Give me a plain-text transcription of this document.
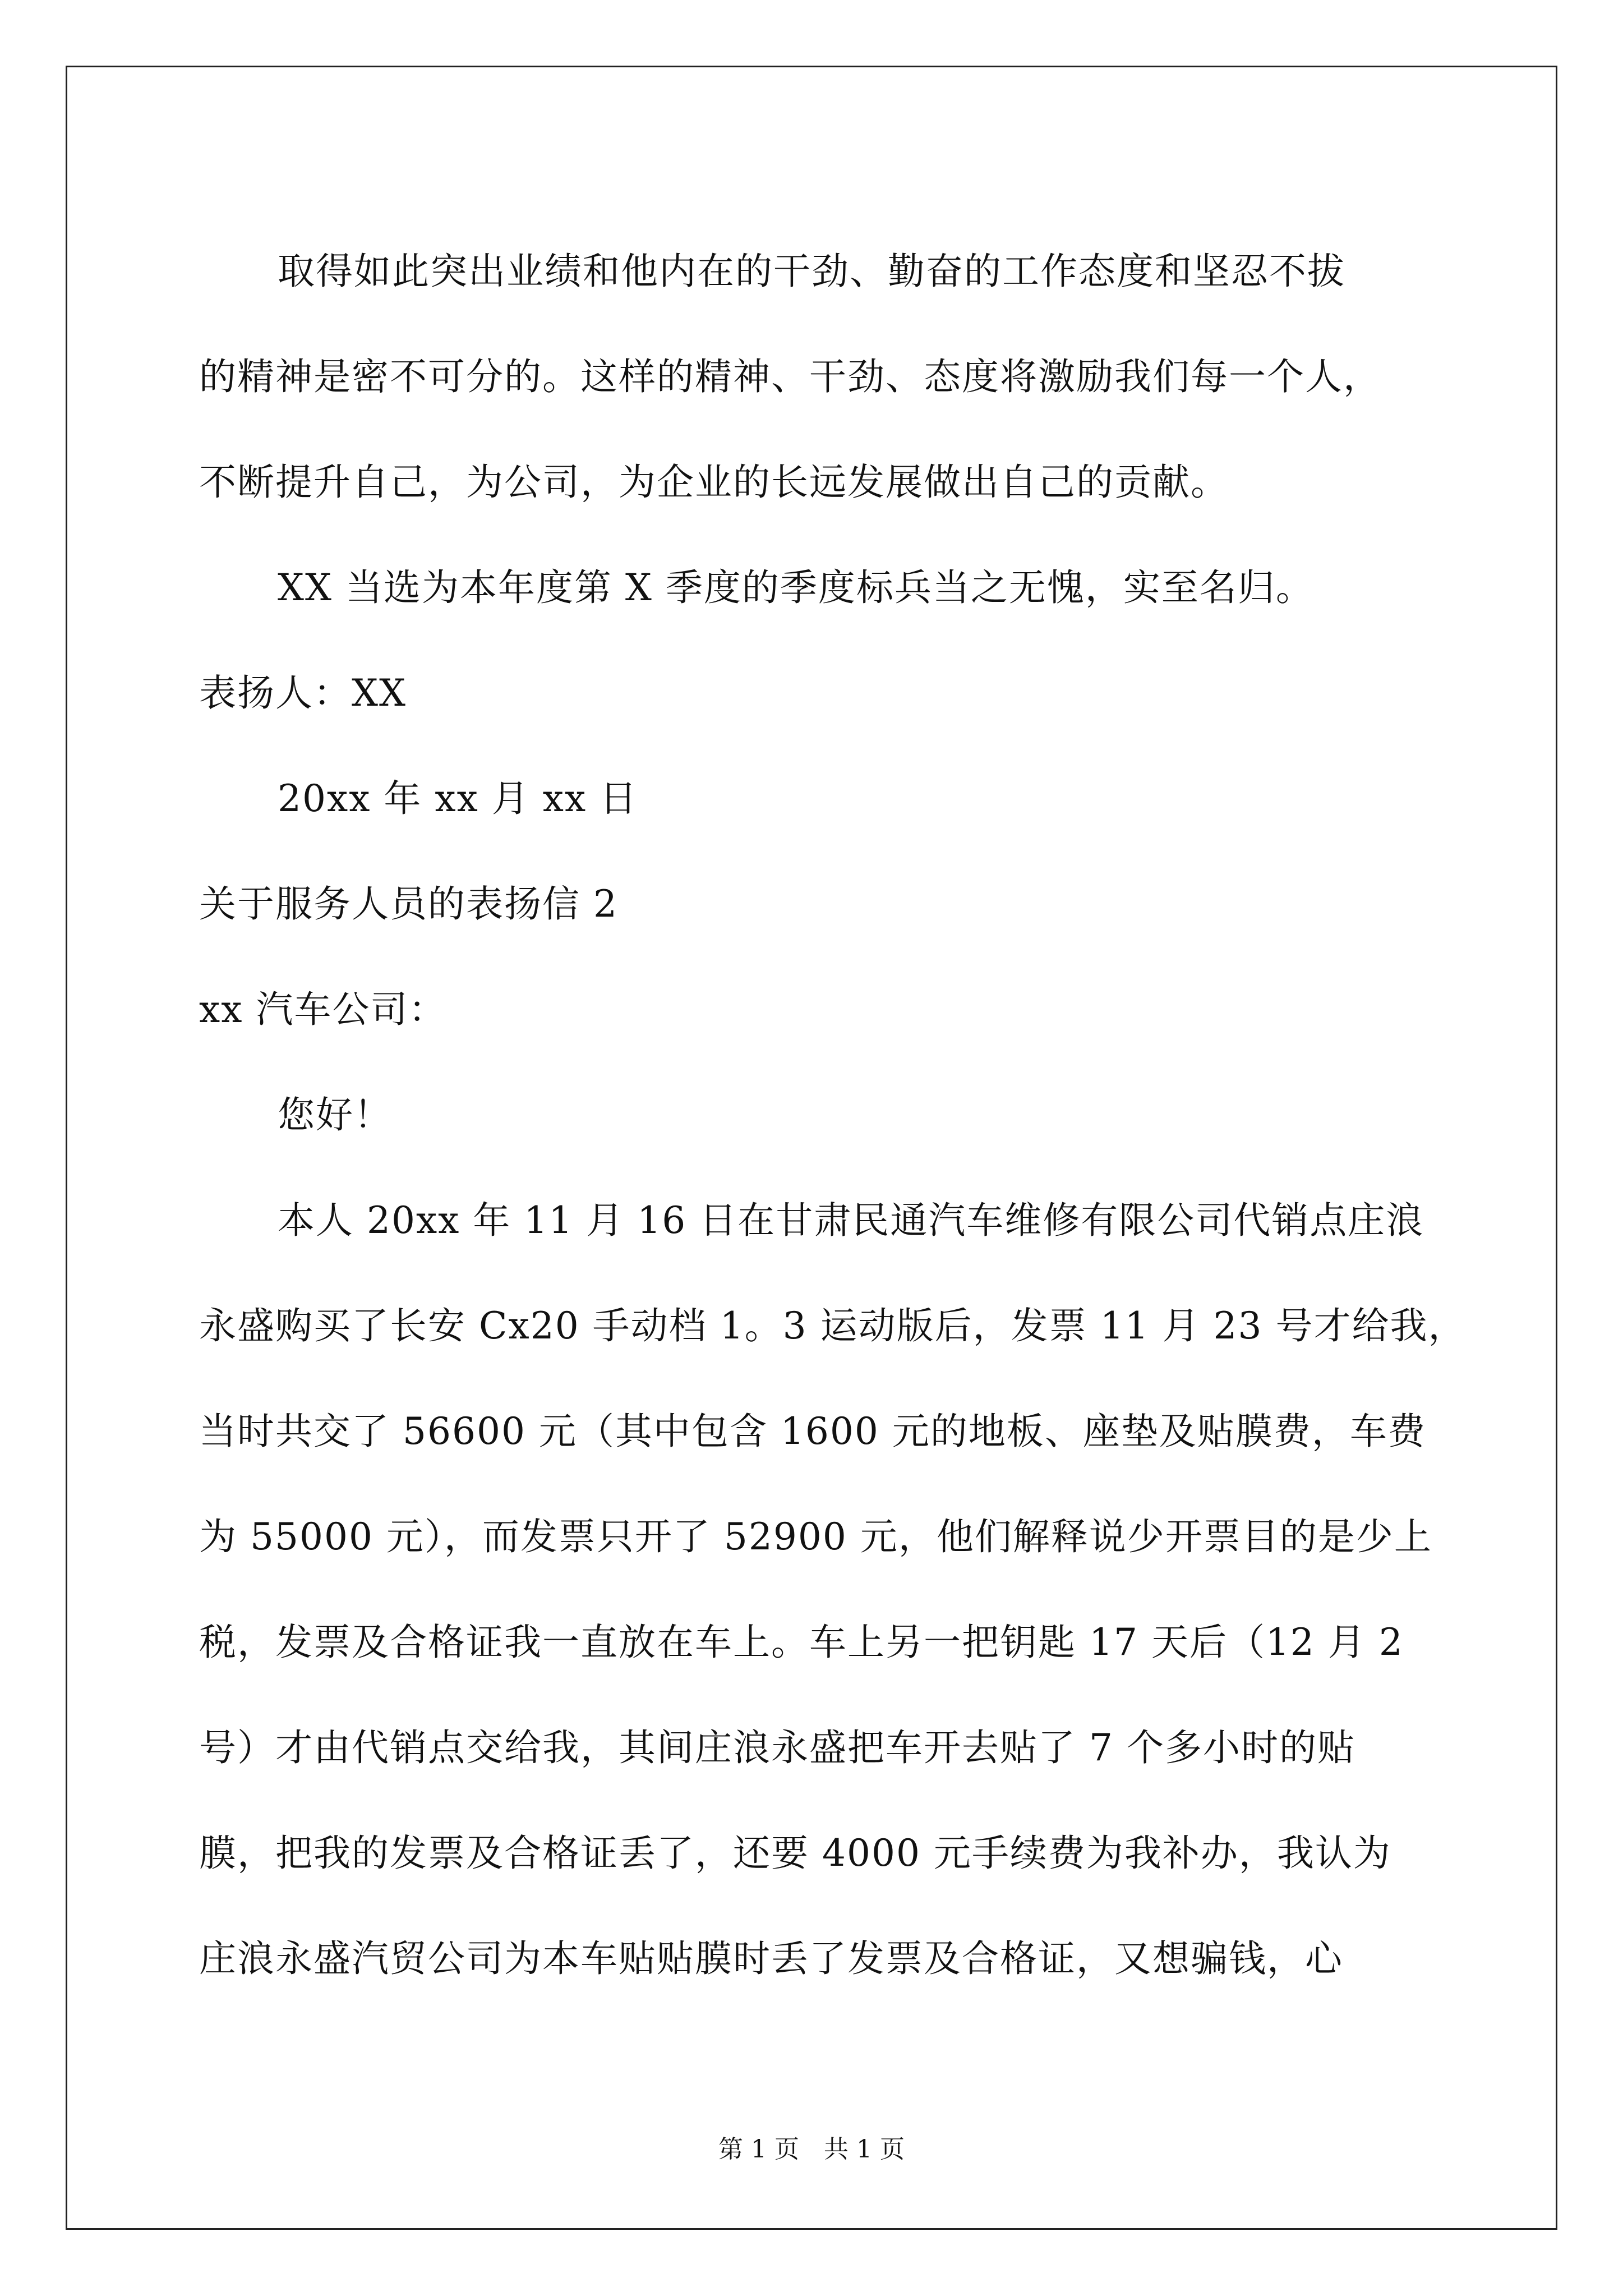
取得如此突出业绩和他内在的干劲、勤奋的工作态度和坚忍不拔

的精神是密不可分的。这样的精神、干劲、态度将激励我们每一个人，

不断提升自己，为公司，为企业的长远发展做出自己的贡献。

XX 当选为本年度第 X 季度的季度标兵当之无愧，实至名归。

表扬人：XX

20xx 年 xx 月 xx 日

关于服务人员的表扬信 2

xx 汽车公司：

您好！

本人 20xx 年 11 月 16 日在甘肃民通汽车维修有限公司代销点庄浪

永盛购买了长安 Cx20 手动档 1。3 运动版后，发票 11 月 23 号才给我，

当时共交了 56600 元（其中包含 1600 元的地板、座垫及贴膜费，车费

为 55000 元），而发票只开了 52900 元，他们解释说少开票目的是少上

税，发票及合格证我一直放在车上。车上另一把钥匙 17 天后（12 月 2

号）才由代销点交给我，其间庄浪永盛把车开去贴了 7 个多小时的贴

膜，把我的发票及合格证丢了，还要 4000 元手续费为我补办，我认为

庄浪永盛汽贸公司为本车贴贴膜时丢了发票及合格证，又想骗钱，心

第 1 页　共 1 页
